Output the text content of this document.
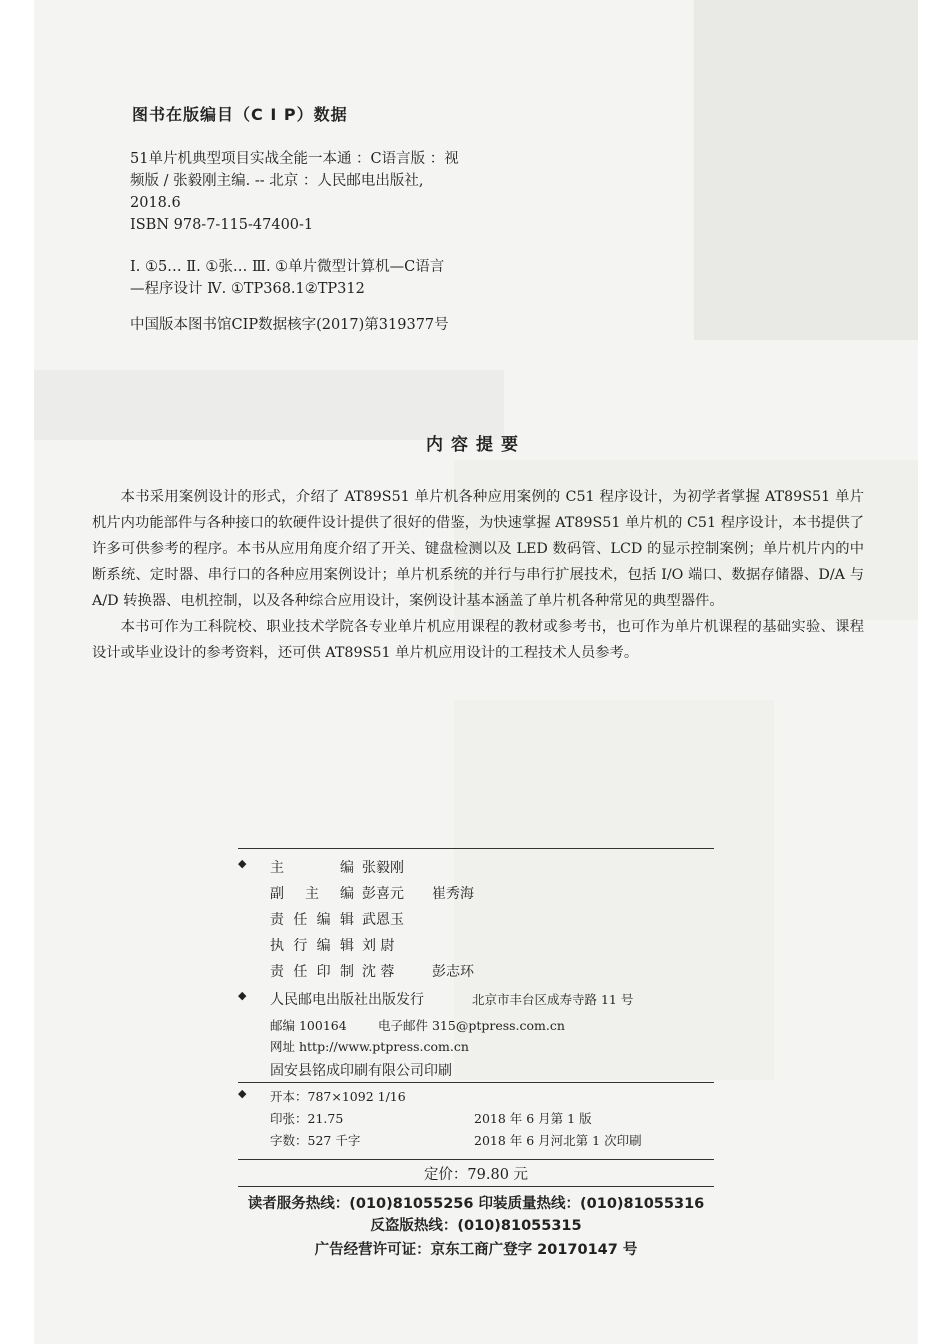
图书在版编目（C I P）数据

51单片机典型项目实战全能一本通 ：C语言版 ：视

频版 / 张毅刚主编. -- 北京 ：人民邮电出版社,

2018.6

ISBN 978-7-115-47400-1

Ⅰ. ①5… Ⅱ. ①张… Ⅲ. ①单片微型计算机—C语言

—程序设计 Ⅳ. ①TP368.1②TP312

中国版本图书馆CIP数据核字(2017)第319377号

内容提要

本书采用案例设计的形式，介绍了 AT89S51 单片机各种应用案例的 C51 程序设计，为初学者掌握 AT89S51 单片机片内功能部件与各种接口的软硬件设计提供了很好的借鉴，为快速掌握 AT89S51 单片机的 C51 程序设计，本书提供了许多可供参考的程序。本书从应用角度介绍了开关、键盘检测以及 LED 数码管、LCD 的显示控制案例；单片机片内的中断系统、定时器、串行口的各种应用案例设计；单片机系统的并行与串行扩展技术，包括 I/O 端口、数据存储器、D/A 与 A/D 转换器、电机控制，以及各种综合应用设计，案例设计基本涵盖了单片机各种常见的典型器件。

本书可作为工科院校、职业技术学院各专业单片机应用课程的教材或参考书，也可作为单片机课程的基础实验、课程设计或毕业设计的参考资料，还可供 AT89S51 单片机应用设计的工程技术人员参考。

◆ 主编 张毅刚
副主编 彭喜元 崔秀海
责任编辑 武恩玉
执行编辑 刘 尉
责任印制 沈 蓉	彭志环
◆ 人民邮电出版社出版发行	北京市丰台区成寿寺路 11 号
邮编 100164	电子邮件 315@ptpress.com.cn
网址 http://www.ptpress.com.cn
固安县铭成印刷有限公司印刷
◆ 开本：787×1092 1/16
印张：21.75	2018 年 6 月第 1 版
字数：527 千字	2018 年 6 月河北第 1 次印刷
定价：79.80 元
读者服务热线：(010)81055256 印装质量热线：(010)81055316
反盗版热线：(010)81055315
广告经营许可证：京东工商广登字 20170147 号
